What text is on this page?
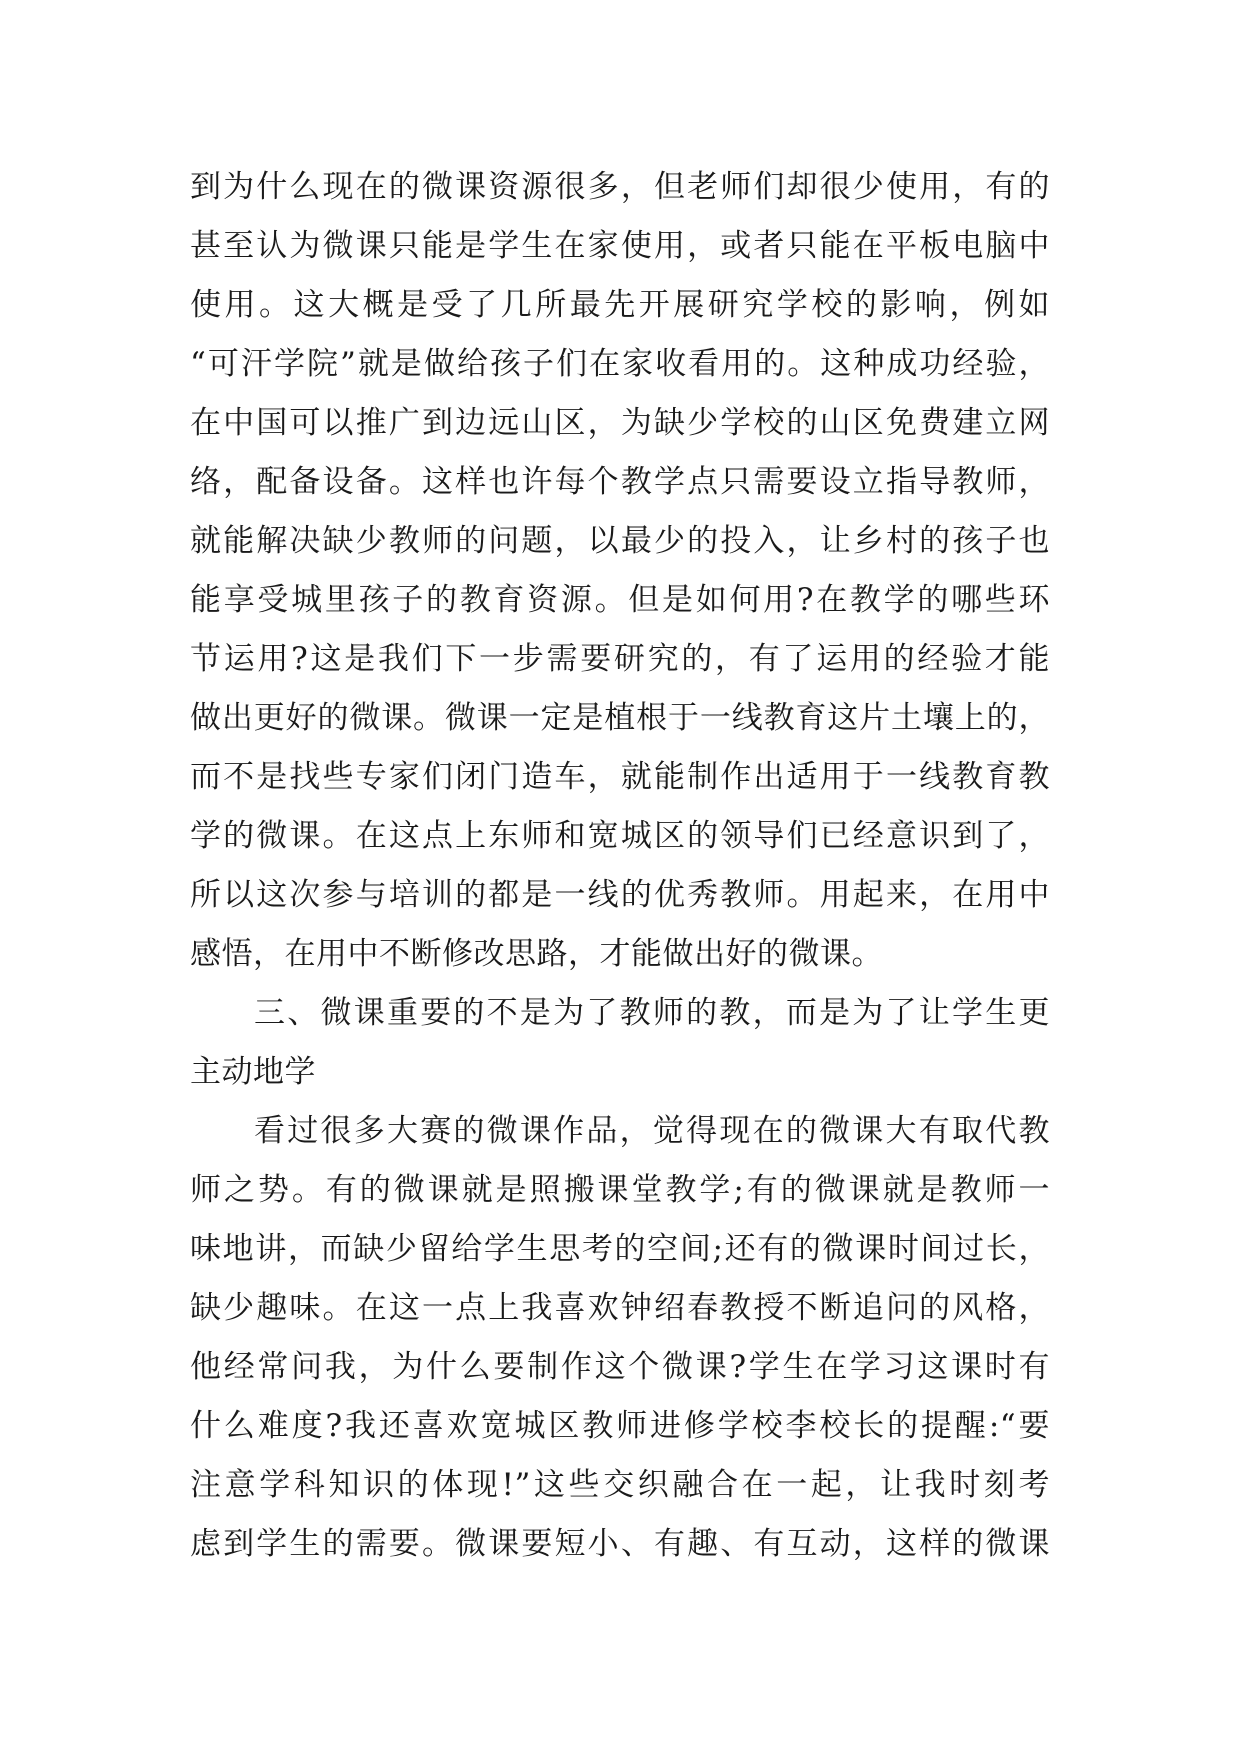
到为什么现在的微课资源很多，但老师们却很少使用，有的
甚至认为微课只能是学生在家使用，或者只能在平板电脑中
使用。这大概是受了几所最先开展研究学校的影响，例如
“可汗学院”就是做给孩子们在家收看用的。这种成功经验，
在中国可以推广到边远山区，为缺少学校的山区免费建立网
络，配备设备。这样也许每个教学点只需要设立指导教师，
就能解决缺少教师的问题，以最少的投入，让乡村的孩子也
能享受城里孩子的教育资源。但是如何用?在教学的哪些环
节运用?这是我们下一步需要研究的，有了运用的经验才能
做出更好的微课。微课一定是植根于一线教育这片土壤上的，
而不是找些专家们闭门造车，就能制作出适用于一线教育教
学的微课。在这点上东师和宽城区的领导们已经意识到了，
所以这次参与培训的都是一线的优秀教师。用起来，在用中
感悟，在用中不断修改思路，才能做出好的微课。
三、微课重要的不是为了教师的教，而是为了让学生更
主动地学
看过很多大赛的微课作品，觉得现在的微课大有取代教
师之势。有的微课就是照搬课堂教学;有的微课就是教师一
味地讲，而缺少留给学生思考的空间;还有的微课时间过长，
缺少趣味。在这一点上我喜欢钟绍春教授不断追问的风格，
他经常问我，为什么要制作这个微课?学生在学习这课时有
什么难度?我还喜欢宽城区教师进修学校李校长的提醒:“要
注意学科知识的体现!”这些交织融合在一起，让我时刻考
虑到学生的需要。微课要短小、有趣、有互动，这样的微课
